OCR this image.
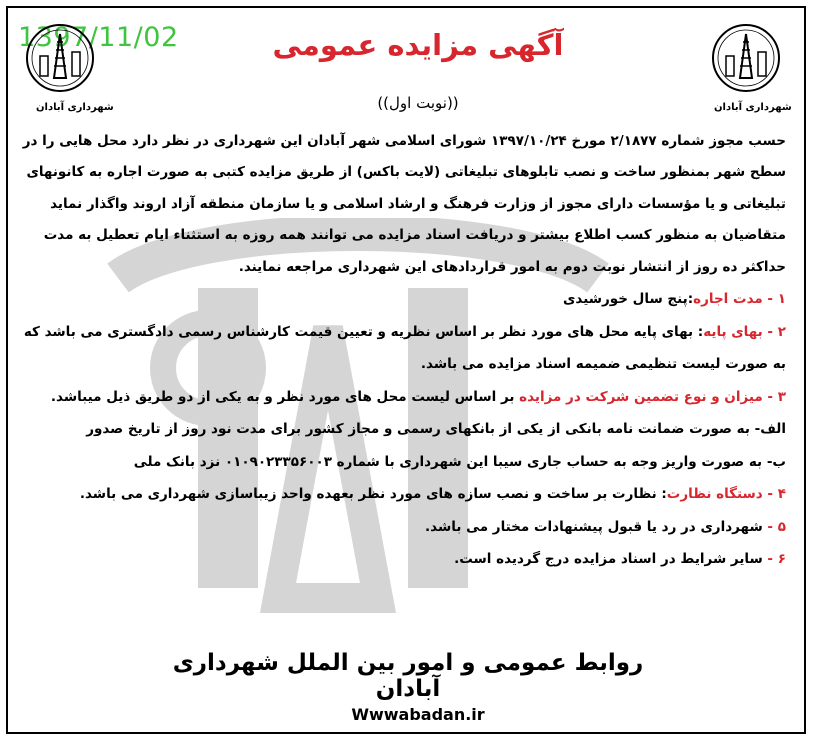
1397/11/02
شهرداری آبادان	شهرداری آبادان
آگهی مزایده عمومی
((نوبت اول))

حسب مجوز شماره ۲/۱۸۷۷ مورخ ۱۳۹۷/۱۰/۲۴ شورای اسلامی شهر آبادان این شهرداری در نظر دارد محل هایی را در سطح شهر بمنظور ساخت و نصب تابلوهای تبلیغاتی (لایت باکس) از طریق مزایده کتبی به صورت اجاره به کانونهای تبلیغاتی و یا مؤسسات دارای مجوز از وزارت فرهنگ و ارشاد اسلامی و یا سازمان منطقه آزاد اروند واگذار نماید متقاضیان به منظور کسب اطلاع بیشتر و دریافت اسناد مزایده می توانند همه روزه به استثناء ایام تعطیل به مدت حداکثر ده روز از انتشار نوبت دوم به امور قراردادهای این شهرداری مراجعه نمایند.

۱ - مدت اجاره:پنج سال خورشیدی

۲ - بهای پایه: بهای پایه محل های مورد نظر بر اساس نظریه و تعیین قیمت کارشناس رسمی دادگستری می باشد که به صورت لیست تنظیمی ضمیمه اسناد مزایده می باشد.

۳ - میزان و نوع تضمین شرکت در مزایده بر اساس لیست محل های مورد نظر و به یکی از دو طریق ذیل میباشد.

الف- به صورت ضمانت نامه بانکی از یکی از بانکهای رسمی و مجاز کشور برای مدت نود روز از تاریخ صدور

ب- به صورت واریز وجه به حساب جاری سیبا این شهرداری با شماره ۰۱۰۹۰۲۳۳۵۶۰۰۳ نزد بانک ملی

۴ - دستگاه نظارت: نظارت بر ساخت و نصب سازه های مورد نظر بعهده واحد زیباسازی شهرداری می باشد.

۵ - شهرداری در رد یا قبول پیشنهادات مختار می باشد.

۶ - سایر شرایط در اسناد مزایده درج گردیده است.

روابط عمومی و امور بین الملل شهرداری آبادان
Wwwabadan.ir
